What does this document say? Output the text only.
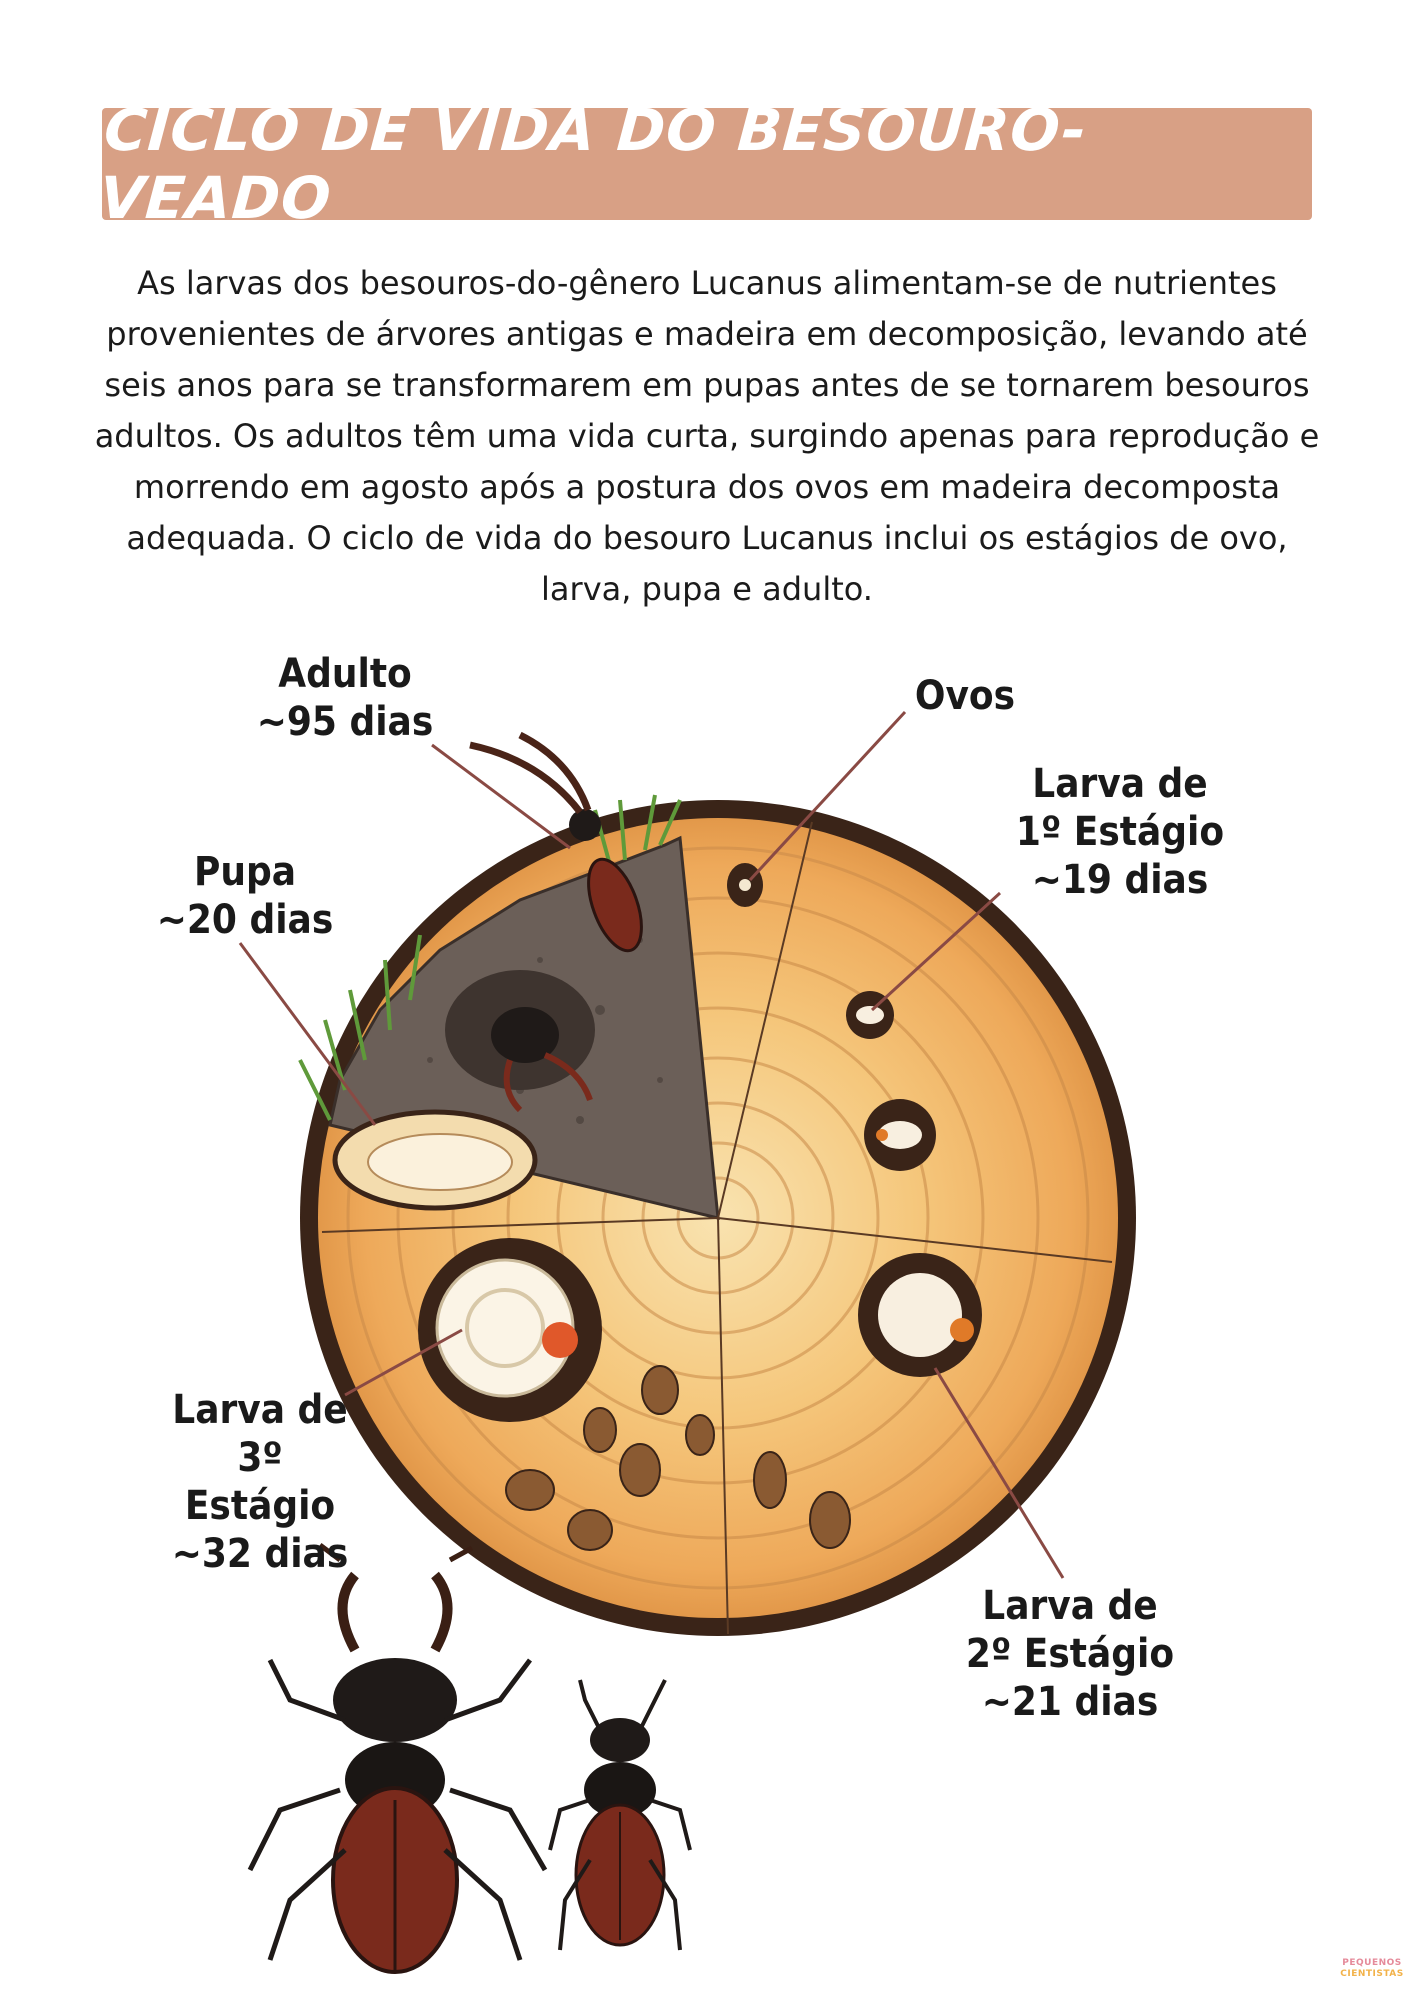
CICLO DE VIDA DO BESOURO-VEADO
As larvas dos besouros-do-gênero Lucanus alimentam-se de nutrientes provenientes de árvores antigas e madeira em decomposição, levando até seis anos para se transformarem em pupas antes de se tornarem besouros adultos. Os adultos têm uma vida curta, surgindo apenas para reprodução e morrendo em agosto após a postura dos ovos em madeira decomposta adequada. O ciclo de vida do besouro Lucanus inclui os estágios de ovo, larva, pupa e adulto.
Adulto
~95 dias
Ovos
Larva de
1º Estágio
~19 dias
Pupa
~20 dias
Larva de
3º Estágio
~32 dias
Larva de
2º Estágio
~21 dias
PEQUENOS
CIENTISTAS
